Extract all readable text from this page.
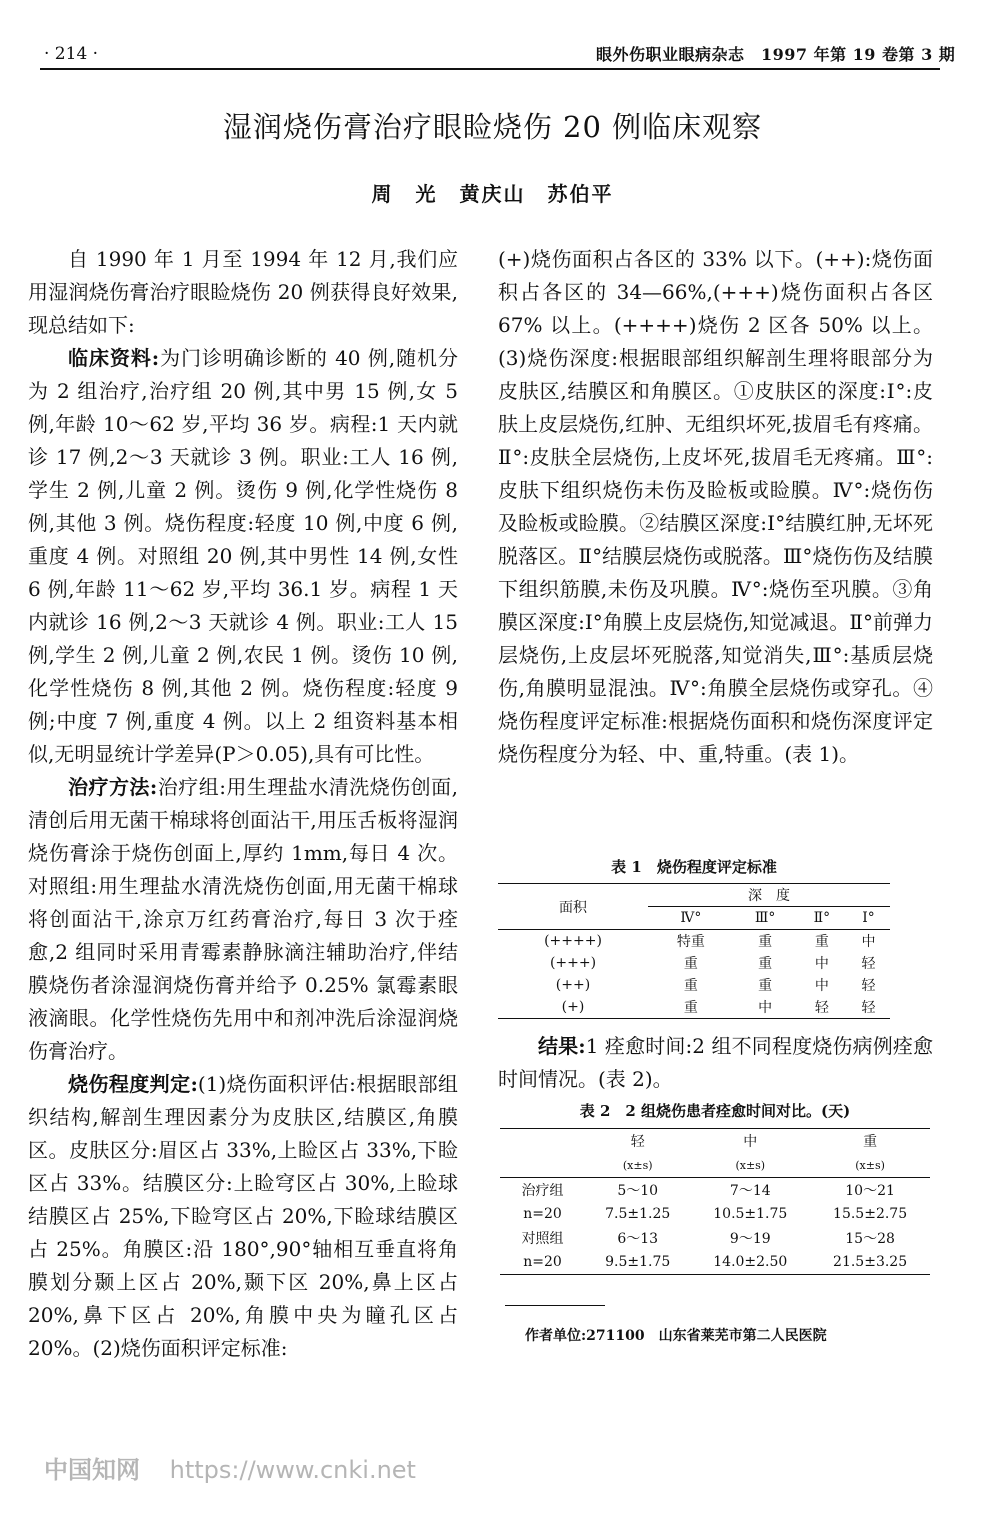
· 214 ·	眼外伤职业眼病杂志　1997 年第 19 卷第 3 期
湿润烧伤膏治疗眼睑烧伤 20 例临床观察
周　光　黄庆山　苏伯平

自 1990 年 1 月至 1994 年 12 月,我们应用湿润烧伤膏治疗眼睑烧伤 20 例获得良好效果,现总结如下:

临床资料:为门诊明确诊断的 40 例,随机分为 2 组治疗,治疗组 20 例,其中男 15 例,女 5 例,年龄 10～62 岁,平均 36 岁。病程:1 天内就诊 17 例,2～3 天就诊 3 例。职业:工人 16 例,学生 2 例,儿童 2 例。烫伤 9 例,化学性烧伤 8 例,其他 3 例。烧伤程度:轻度 10 例,中度 6 例,重度 4 例。对照组 20 例,其中男性 14 例,女性 6 例,年龄 11～62 岁,平均 36.1 岁。病程 1 天内就诊 16 例,2～3 天就诊 4 例。职业:工人 15 例,学生 2 例,儿童 2 例,农民 1 例。烫伤 10 例,化学性烧伤 8 例,其他 2 例。烧伤程度:轻度 9 例;中度 7 例,重度 4 例。以上 2 组资料基本相似,无明显统计学差异(P＞0.05),具有可比性。

治疗方法:治疗组:用生理盐水清洗烧伤创面,清创后用无菌干棉球将创面沾干,用压舌板将湿润烧伤膏涂于烧伤创面上,厚约 1mm,每日 4 次。对照组:用生理盐水清洗烧伤创面,用无菌干棉球将创面沾干,涂京万红药膏治疗,每日 3 次于痊愈,2 组同时采用青霉素静脉滴注辅助治疗,伴结膜烧伤者涂湿润烧伤膏并给予 0.25% 氯霉素眼液滴眼。化学性烧伤先用中和剂冲洗后涂湿润烧伤膏治疗。

烧伤程度判定:(1)烧伤面积评估:根据眼部组织结构,解剖生理因素分为皮肤区,结膜区,角膜区。皮肤区分:眉区占 33%,上睑区占 33%,下睑区占 33%。结膜区分:上睑穹区占 30%,上睑球结膜区占 25%,下睑穹区占 20%,下睑球结膜区占 25%。角膜区:沿 180°,90°轴相互垂直将角膜划分颞上区占 20%,颞下区 20%,鼻上区占 20%,鼻下区占 20%,角膜中央为瞳孔区占 20%。(2)烧伤面积评定标准:

(+)烧伤面积占各区的 33% 以下。(++):烧伤面积占各区的 34—66%,(+++)烧伤面积占各区 67% 以上。(++++)烧伤 2 区各 50% 以上。(3)烧伤深度:根据眼部组织解剖生理将眼部分为皮肤区,结膜区和角膜区。①皮肤区的深度:Ⅰ°:皮肤上皮层烧伤,红肿、无组织坏死,拔眉毛有疼痛。Ⅱ°:皮肤全层烧伤,上皮坏死,拔眉毛无疼痛。Ⅲ°:皮肤下组织烧伤未伤及睑板或睑膜。Ⅳ°:烧伤伤及睑板或睑膜。②结膜区深度:Ⅰ°结膜红肿,无坏死脱落区。Ⅱ°结膜层烧伤或脱落。Ⅲ°烧伤伤及结膜下组织筋膜,未伤及巩膜。Ⅳ°:烧伤至巩膜。③角膜区深度:Ⅰ°角膜上皮层烧伤,知觉减退。Ⅱ°前弹力层烧伤,上皮层坏死脱落,知觉消失,Ⅲ°:基质层烧伤,角膜明显混浊。Ⅳ°:角膜全层烧伤或穿孔。④烧伤程度评定标准:根据烧伤面积和烧伤深度评定烧伤程度分为轻、中、重,特重。(表 1)。

表 1　烧伤程度评定标准
面积	深　度			
	Ⅳ°	Ⅲ°	Ⅱ°	Ⅰ°
(++++)	特重	重	重	中
(+++)	重	重	中	轻
(++)	重	重	中	轻
(+)	重	中	轻	轻

结果:1 痊愈时间:2 组不同程度烧伤病例痊愈时间情况。(表 2)。

表 2　2 组烧伤患者痊愈时间对比。(天)
	轻	中	重
	(x±s)	(x±s)	(x±s)
治疗组	5～10	7～14	10～21
n=20	7.5±1.25	10.5±1.75	15.5±2.75
对照组	6～13	9～19	15～28
n=20	9.5±1.75	14.0±2.50	21.5±3.25
作者单位:271100　山东省莱芜市第二人民医院
中国知网 https://www.cnki.net
